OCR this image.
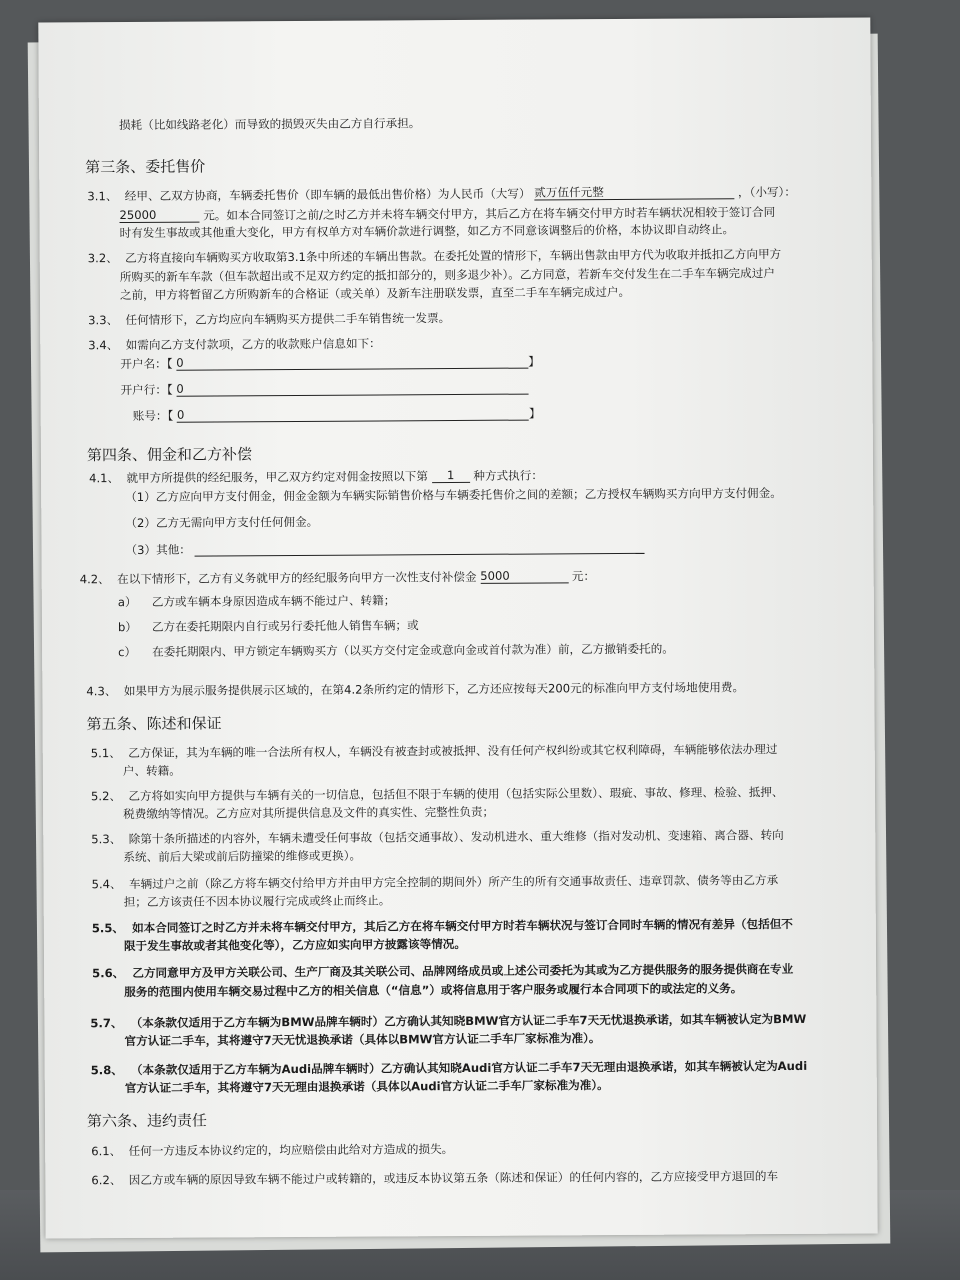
损耗（比如线路老化）而导致的损毁灭失由乙方自行承担。
第三条、委托售价
3.1、 经甲、乙双方协商，车辆委托售价（即车辆的最低出售价格）为人民币（大写） 贰万伍仟元整	，（小写）：
25000	元。如本合同签订之前/之时乙方并未将车辆交付甲方，其后乙方在将车辆交付甲方时若车辆状况相较于签订合同
时有发生事故或其他重大变化，甲方有权单方对车辆价款进行调整，如乙方不同意该调整后的价格，本协议即自动终止。
3.2、 乙方将直接向车辆购买方收取第3.1条中所述的车辆出售款。在委托处置的情形下，车辆出售款由甲方代为收取并抵扣乙方向甲方
所购买的新车车款（但车款超出或不足双方约定的抵扣部分的，则多退少补）。乙方同意，若新车交付发生在二手车车辆完成过户
之前，甲方将暂留乙方所购新车的合格证（或关单）及新车注册联发票，直至二手车车辆完成过户。
3.3、 任何情形下，乙方均应向车辆购买方提供二手车销售统一发票。
3.4、 如需向乙方支付款项，乙方的收款账户信息如下：
开户名：【 0	】
开户行：【 0
账号：【 0	】
第四条、佣金和乙方补偿
4.1、 就甲方所提供的经纪服务，甲乙双方约定对佣金按照以下第 1 种方式执行：
（1）乙方应向甲方支付佣金，佣金金额为车辆实际销售价格与车辆委托售价之间的差额；乙方授权车辆购买方向甲方支付佣金。
（2）乙方无需向甲方支付任何佣金。
（3）其他：
4.2、 在以下情形下，乙方有义务就甲方的经纪服务向甲方一次性支付补偿金 5000	元：
a） 乙方或车辆本身原因造成车辆不能过户、转籍；
b） 乙方在委托期限内自行或另行委托他人销售车辆；或
c） 在委托期限内、甲方锁定车辆购买方（以买方交付定金或意向金或首付款为准）前，乙方撤销委托的。
4.3、 如果甲方为展示服务提供展示区域的，在第4.2条所约定的情形下，乙方还应按每天200元的标准向甲方支付场地使用费。
第五条、陈述和保证
5.1、 乙方保证，其为车辆的唯一合法所有权人，车辆没有被查封或被抵押、没有任何产权纠纷或其它权利障碍，车辆能够依法办理过
户、转籍。
5.2、 乙方将如实向甲方提供与车辆有关的一切信息，包括但不限于车辆的使用（包括实际公里数）、瑕疵、事故、修理、检验、抵押、
税费缴纳等情况。乙方应对其所提供信息及文件的真实性、完整性负责；
5.3、 除第十条所描述的内容外，车辆未遭受任何事故（包括交通事故）、发动机进水、重大维修（指对发动机、变速箱、离合器、转向
系统、前后大梁或前后防撞梁的维修或更换）。
5.4、 车辆过户之前（除乙方将车辆交付给甲方并由甲方完全控制的期间外）所产生的所有交通事故责任、违章罚款、债务等由乙方承
担；乙方该责任不因本协议履行完成或终止而终止。
5.5、 如本合同签订之时乙方并未将车辆交付甲方，其后乙方在将车辆交付甲方时若车辆状况与签订合同时车辆的情况有差异（包括但不
限于发生事故或者其他变化等），乙方应如实向甲方披露该等情况。
5.6、 乙方同意甲方及甲方关联公司、生产厂商及其关联公司、品牌网络成员或上述公司委托为其或为乙方提供服务的服务提供商在专业
服务的范围内使用车辆交易过程中乙方的相关信息（“信息”）或将信息用于客户服务或履行本合同项下的或法定的义务。
5.7、 （本条款仅适用于乙方车辆为BMW品牌车辆时）乙方确认其知晓BMW官方认证二手车7天无忧退换承诺，如其车辆被认定为BMW
官方认证二手车，其将遵守7天无忧退换承诺（具体以BMW官方认证二手车厂家标准为准）。
5.8、 （本条款仅适用于乙方车辆为Audi品牌车辆时）乙方确认其知晓Audi官方认证二手车7天无理由退换承诺，如其车辆被认定为Audi
官方认证二手车，其将遵守7天无理由退换承诺（具体以Audi官方认证二手车厂家标准为准）。
第六条、违约责任
6.1、 任何一方违反本协议约定的，均应赔偿由此给对方造成的损失。
6.2、 因乙方或车辆的原因导致车辆不能过户或转籍的，或违反本协议第五条（陈述和保证）的任何内容的，乙方应接受甲方退回的车
